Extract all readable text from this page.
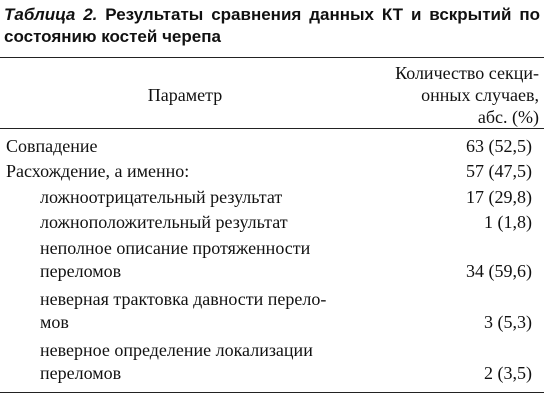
Таблица 2. Результаты сравнения данных КТ и вскрытий по состоянию костей черепа
Параметр
Количество секци-
онных случаев,
абс. (%)
Совпадение	63 (52,5)
Расхождение, а именно:	57 (47,5)
ложноотрицательный результат	17 (29,8)
ложноположительный результат	1 (1,8)
неполное описание протяженности
переломов	34 (59,6)
неверная трактовка давности перело-
мов	3 (5,3)
неверное определение локализации
переломов	2 (3,5)
